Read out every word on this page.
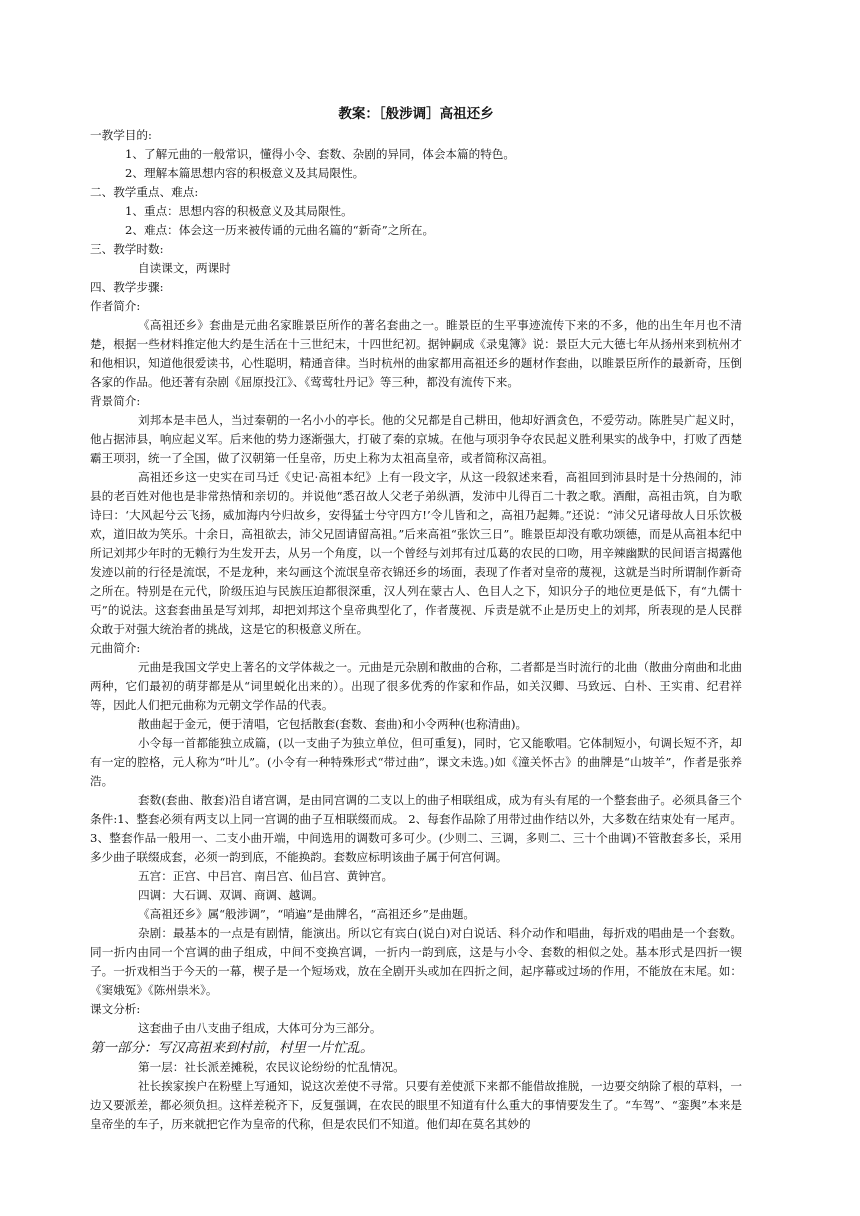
教案：［般涉调］高祖还乡

一教学目的:

1、了解元曲的一般常识，懂得小令、套数、杂剧的异同，体会本篇的特色。

2、理解本篇思想内容的积极意义及其局限性。

二、教学重点、难点:

1、重点：思想内容的积极意义及其局限性。

2、难点：体会这一历来被传诵的元曲名篇的“新奇”之所在。

三、教学时数:

自读课文，两课时

四、教学步骤:

作者简介:

《高祖还乡》套曲是元曲名家睢景臣所作的著名套曲之一。睢景臣的生平事迹流传下来的不多，他的出生年月也不清楚，根据一些材料推定他大约是生活在十三世纪末，十四世纪初。据钟嗣成《录鬼簿》说：景臣大元大德七年从扬州来到杭州才和他相识，知道他很爱读书，心性聪明，精通音律。当时杭州的曲家都用高祖还乡的题材作套曲，以睢景臣所作的最新奇，压倒各家的作品。他还著有杂剧《屈原投江》、《莺莺牡丹记》等三种，都没有流传下来。

背景简介:

刘邦本是丰邑人，当过秦朝的一名小小的亭长。他的父兄都是自己耕田，他却好酒贪色，不爱劳动。陈胜吴广起义时，他占据沛县，响应起义军。后来他的势力逐渐强大，打破了秦的京城。在他与项羽争夺农民起义胜利果实的战争中，打败了西楚霸王项羽，统一了全国，做了汉朝第一任皇帝，历史上称为太祖高皇帝，或者简称汉高祖。

高祖还乡这一史实在司马迁《史记·高祖本纪》上有一段文字，从这一段叙述来看，高祖回到沛县时是十分热闹的，沛县的老百姓对他也是非常热情和亲切的。并说他“悉召故人父老子弟纵酒，发沛中儿得百二十教之歌。酒酣，高祖击筑，自为歌诗曰：‘大风起兮云飞扬，威加海内兮归故乡，安得猛士兮守四方!’令儿皆和之，高祖乃起舞。”还说：“沛父兄诸母故人日乐饮极欢，道旧故为笑乐。十余日，高祖欲去，沛父兄固请留高祖。”后来高祖“张饮三日”。睢景臣却没有歌功颂德，而是从高祖本纪中所记刘邦少年时的无赖行为生发开去，从另一个角度，以一个曾经与刘邦有过瓜葛的农民的口吻，用辛辣幽默的民间语言揭露他发迹以前的行径是流氓，不是龙种，来勾画这个流氓皇帝衣锦还乡的场面，表现了作者对皇帝的蔑视，这就是当时所谓制作新奇之所在。特别是在元代，阶级压迫与民族压迫都很深重，汉人列在蒙古人、色目人之下，知识分子的地位更是低下，有“九儒十丐”的说法。这套套曲虽是写刘邦，却把刘邦这个皇帝典型化了，作者蔑视、斥责是就不止是历史上的刘邦，所表现的是人民群众敢于对强大统治者的挑战，这是它的积极意义所在。

元曲简介:

元曲是我国文学史上著名的文学体裁之一。元曲是元杂剧和散曲的合称，二者都是当时流行的北曲（散曲分南曲和北曲两种，它们最初的萌芽都是从“词里蜕化出来的）。出现了很多优秀的作家和作品，如关汉卿、马致远、白朴、王实甫、纪君祥等，因此人们把元曲称为元朝文学作品的代表。

散曲起于金元，便于清唱，它包括散套(套数、套曲)和小令两种(也称清曲)。

小令每一首都能独立成篇，(以一支曲子为独立单位，但可重复)，同时，它又能歌唱。它体制短小，句调长短不齐，却有一定的腔格，元人称为“叶儿”。(小令有一种特殊形式“带过曲”，课文未选。)如《潼关怀古》的曲牌是“山坡羊”，作者是张养浩。

套数(套曲、散套)沿自诸宫调，是由同宫调的二支以上的曲子相联组成，成为有头有尾的一个整套曲子。必须具备三个条件:1、整套必须有两支以上同一宫调的曲子互相联缀而成。 2、每套作品除了用带过曲作结以外，大多数在结束处有一尾声。 3、整套作品一般用一、二支小曲开端，中间选用的调数可多可少。(少则二、三调，多则二、三十个曲调)不管散套多长，采用多少曲子联缀成套，必须一韵到底，不能换韵。套数应标明该曲子属于何宫何调。

五宫：正宫、中吕宫、南吕宫、仙吕宫、黄钟宫。

四调：大石调、双调、商调、越调。

《高祖还乡》属“般涉调”，“哨遍”是曲牌名，“高祖还乡”是曲题。

杂剧：最基本的一点是有剧情，能演出。所以它有宾白(说白)对白说话、科介动作和唱曲，每折戏的唱曲是一个套数。同一折内由同一个宫调的曲子组成，中间不变换宫调，一折内一韵到底，这是与小令、套数的相似之处。基本形式是四折一锲子。一折戏相当于今天的一幕，楔子是一个短场戏，放在全剧开头或加在四折之间，起序幕或过场的作用，不能放在末尾。如：《窦娥冤》《陈州祟米》。

课文分析:

这套曲子由八支曲子组成，大体可分为三部分。

第一部分：写汉高祖来到村前，村里一片忙乱。

第一层：社长派差摊税，农民议论纷纷的忙乱情况。

社长挨家挨户在粉壁上写通知，说这次差使不寻常。只要有差使派下来都不能借故推脱，一边要交纳除了根的草料，一边又要派差，都必须负担。这样差税齐下，反复强调，在农民的眼里不知道有什么重大的事情要发生了。“车驾”、“銮舆”本来是皇帝坐的车子，历来就把它作为皇帝的代称，但是农民们不知道。他们却在莫名其妙的
